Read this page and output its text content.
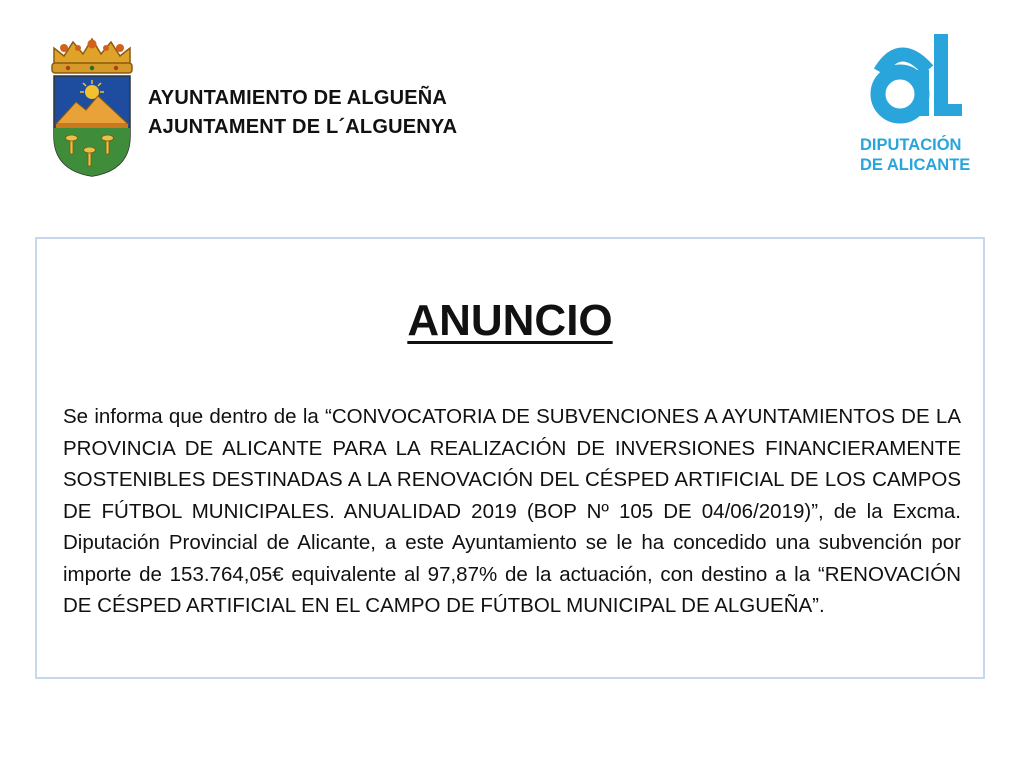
AYUNTAMIENTO DE ALGUEÑA
AJUNTAMENT DE L´ALGUENYA
DIPUTACIÓN
DE ALICANTE
ANUNCIO
Se informa que dentro de la “CONVOCATORIA DE SUBVENCIONES A AYUNTAMIENTOS DE LA PROVINCIA DE ALICANTE PARA LA REALIZACIÓN DE INVERSIONES FINANCIERAMENTE SOSTENIBLES DESTINADAS A LA RENOVACIÓN DEL CÉSPED ARTIFICIAL DE LOS CAMPOS DE FÚTBOL MUNICIPALES. ANUALIDAD 2019 (BOP Nº 105 DE 04/06/2019)”, de la Excma. Diputación Provincial de Alicante, a este Ayuntamiento se le ha concedido una subvención por importe de 153.764,05€ equivalente al 97,87% de la actuación, con destino a la “RENOVACIÓN DE CÉSPED ARTIFICIAL EN EL CAMPO DE FÚTBOL MUNICIPAL DE ALGUEÑA”.
